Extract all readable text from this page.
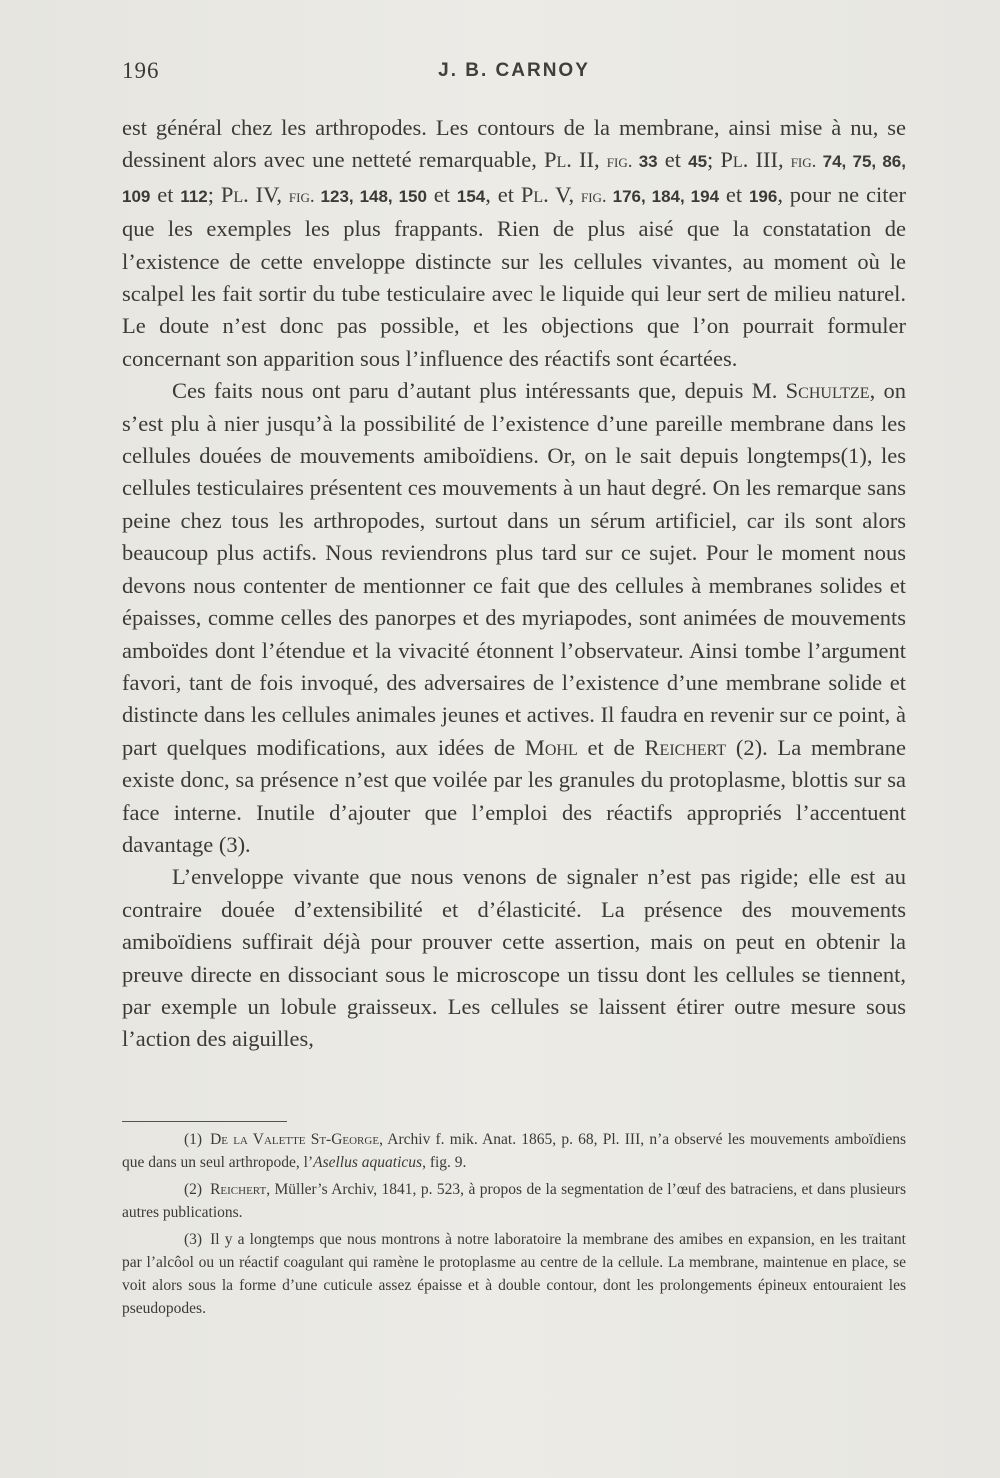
196	J. B. CARNOY

est général chez les arthropodes. Les contours de la membrane, ainsi mise à nu, se dessinent alors avec une netteté remarquable, Pl. II, fig. 33 et 45; Pl. III, fig. 74, 75, 86, 109 et 112; Pl. IV, fig. 123, 148, 150 et 154, et Pl. V, fig. 176, 184, 194 et 196, pour ne citer que les exemples les plus frappants. Rien de plus aisé que la constatation de l’existence de cette enveloppe distincte sur les cellules vivantes, au moment où le scalpel les fait sortir du tube testiculaire avec le liquide qui leur sert de milieu naturel. Le doute n’est donc pas possible, et les objections que l’on pourrait formuler concernant son apparition sous l’influence des réactifs sont écartées.

Ces faits nous ont paru d’autant plus intéressants que, depuis M. Schultze, on s’est plu à nier jusqu’à la possibilité de l’existence d’une pareille membrane dans les cellules douées de mouvements amiboïdiens. Or, on le sait depuis longtemps(1), les cellules testiculaires présentent ces mouvements à un haut degré. On les remarque sans peine chez tous les arthropodes, surtout dans un sérum artificiel, car ils sont alors beaucoup plus actifs. Nous reviendrons plus tard sur ce sujet. Pour le moment nous devons nous contenter de mentionner ce fait que des cellules à membranes solides et épaisses, comme celles des panorpes et des myriapodes, sont animées de mouvements amboïdes dont l’étendue et la vivacité étonnent l’observateur. Ainsi tombe l’argument favori, tant de fois invoqué, des adversaires de l’existence d’une membrane solide et distincte dans les cellules animales jeunes et actives. Il faudra en revenir sur ce point, à part quelques modifications, aux idées de Mohl et de Reichert (2). La membrane existe donc, sa présence n’est que voilée par les granules du protoplasme, blottis sur sa face interne. Inutile d’ajouter que l’emploi des réactifs appropriés l’accentuent davantage (3).

L’enveloppe vivante que nous venons de signaler n’est pas rigide; elle est au contraire douée d’extensibilité et d’élasticité. La présence des mouvements amiboïdiens suffirait déjà pour prouver cette assertion, mais on peut en obtenir la preuve directe en dissociant sous le microscope un tissu dont les cellules se tiennent, par exemple un lobule graisseux. Les cellules se laissent étirer outre mesure sous l’action des aiguilles,

(1) De la Valette St-George, Archiv f. mik. Anat. 1865, p. 68, Pl. III, n’a observé les mouvements amboïdiens que dans un seul arthropode, l’Asellus aquaticus, fig. 9.

(2) Reichert, Müller’s Archiv, 1841, p. 523, à propos de la segmentation de l’œuf des batraciens, et dans plusieurs autres publications.

(3) Il y a longtemps que nous montrons à notre laboratoire la membrane des amibes en expansion, en les traitant par l’alcôol ou un réactif coagulant qui ramène le protoplasme au centre de la cellule. La membrane, maintenue en place, se voit alors sous la forme d’une cuticule assez épaisse et à double contour, dont les prolongements épineux entouraient les pseudopodes.
